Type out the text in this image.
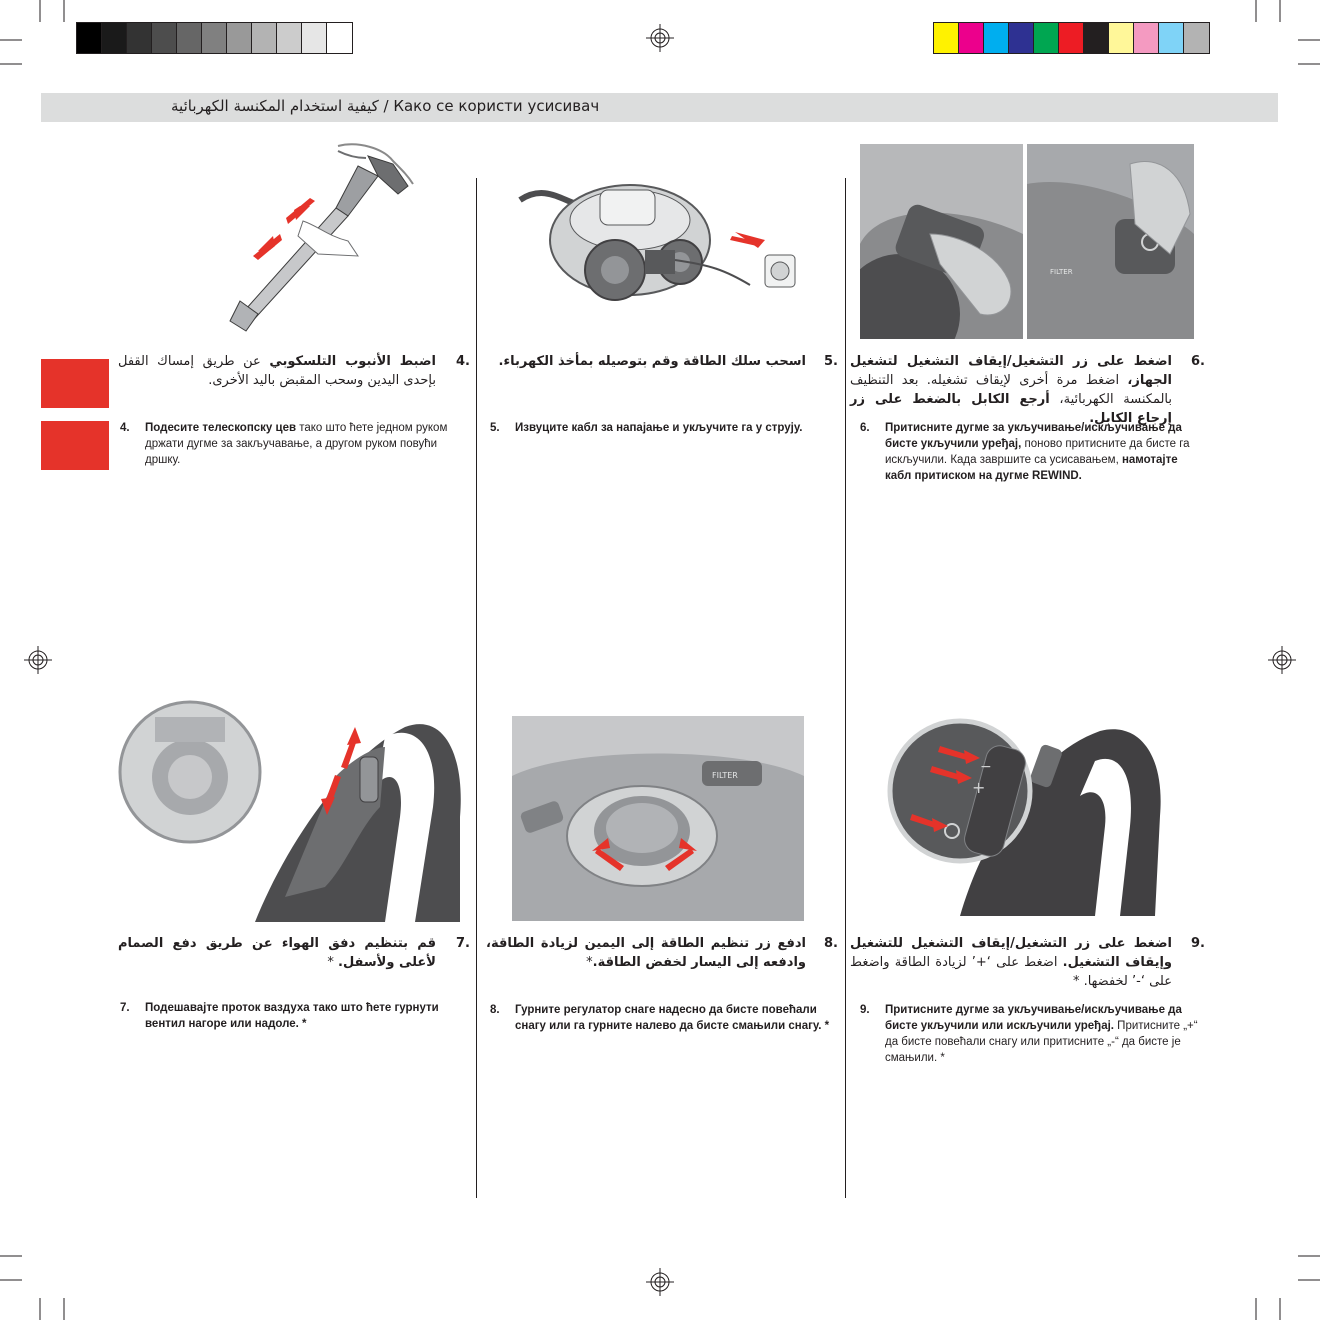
كيفية استخدام المكنسة الكهربائية / Како се користи усисивач
FILTER
FILTER
−
+
اضبط الأنبوب التلسكوبي عن طريق إمساك القفل بإحدى اليدين وسحب المقبض باليد الأخرى.
.4
4.	Подесите телескопску цев тако што ћете једном руком држати дугме за закључавање, а другом руком повући дршку.
اسحب سلك الطاقة وقم بتوصيله بمأخذ الكهرباء.	.5
5.	Извуците кабл за напајање и укључите га у струју.
اضغط على زر التشغيل/إيقاف التشغيل لتشغيل الجهاز، اضغط مرة أخرى لإيقاف تشغيله. بعد التنظيف بالمكنسة الكهربائية، أرجع الكابل بالضغط على زر إرجاع الكابل.
.6
6.	Притисните дугме за укључивање/искључивање да бисте укључили уређај, поново притисните да бисте га искључили. Када завршите са усисавањем, намотајте кабл притиском на дугме REWIND.
قم بتنظيم دفق الهواء عن طريق دفع الصمام لأعلى ولأسفل. *
.7
7.	Подешавајте проток ваздуха тако што ћете гурнути вентил нагоре или надоле. *
ادفع زر تنظيم الطاقة إلى اليمين لزيادة الطاقة، وادفعه إلى اليسار لخفض الطاقة.*
.8
8.	Гурните регулатор снаге надесно да бисте повећали снагу или га гурните налево да бисте смањили снагу. *
اضغط على زر التشغيل/إيقاف التشغيل للتشغيل وإيقاف التشغيل. اضغط على ‘+’ لزيادة الطاقة واضغط على ‘-’ لخفضها. *
.9
9.	Притисните дугме за укључивање/искључивање да бисте укључили или искључили уређај. Притисните „+“ да бисте повећали снагу или притисните „-“ да бисте је смањили. *
